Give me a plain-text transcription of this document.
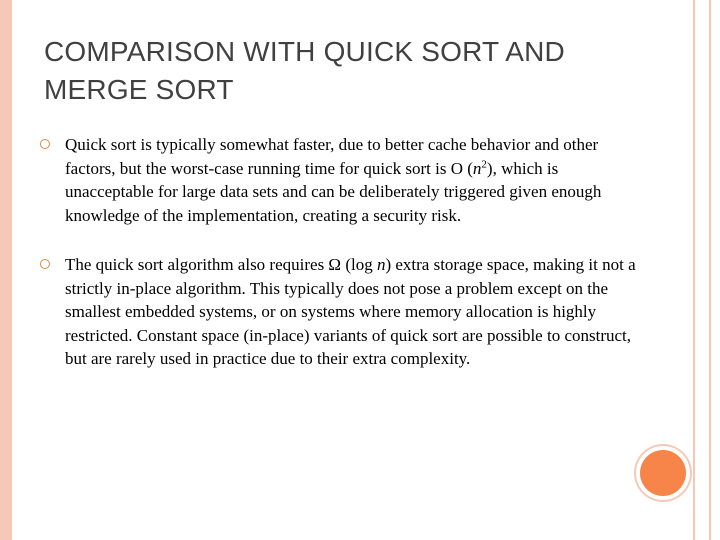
COMPARISON WITH QUICK SORT AND
MERGE SORT
Quick sort is typically somewhat faster, due to better cache behavior and other factors, but the worst-case running time for quick sort is O $(n^2)$, which is unacceptable for large data sets and can be deliberately triggered given enough knowledge of the implementation, creating a security risk.
The quick sort algorithm also requires Ω (log n) extra storage space, making it not a strictly in-place algorithm. This typically does not pose a problem except on the smallest embedded systems, or on systems where memory allocation is highly restricted. Constant space (in-place) variants of quick sort are possible to construct, but are rarely used in practice due to their extra complexity.
